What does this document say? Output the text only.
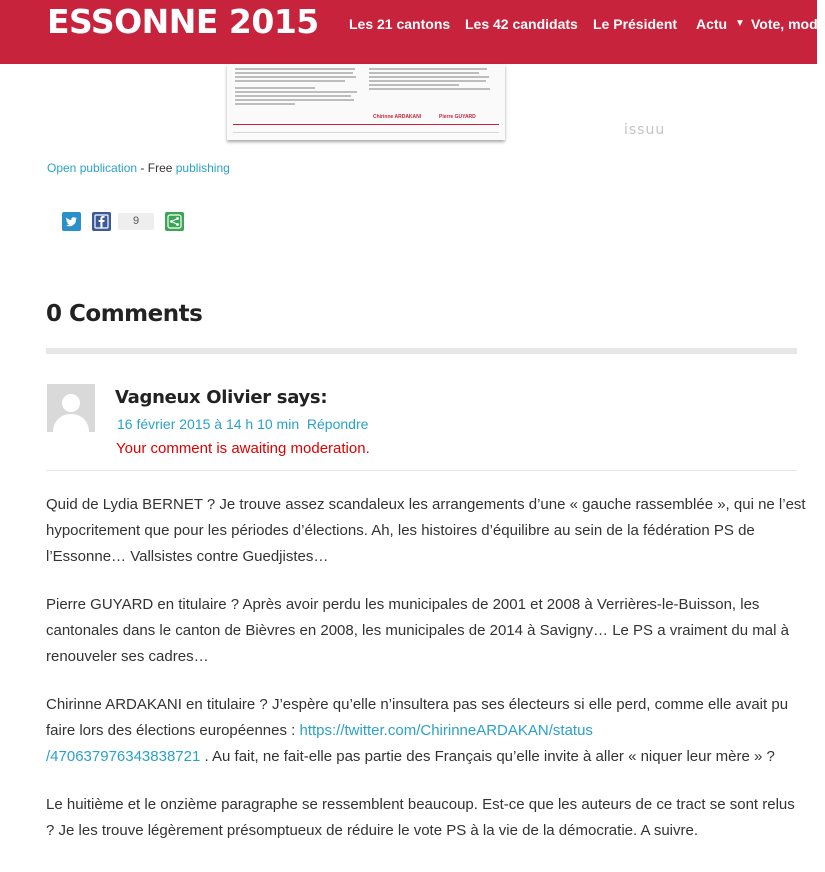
ESSONNE 2015 Les 21 cantons Les 42 candidats Le Président Actu ▼ Vote, mode
Chirinne ARDAKANI	Pierre GUYARD
issuu
Open publication - Free publishing
9
0 Comments
Vagneux Olivier says:
16 février 2015 à 14 h 10 min Répondre
Your comment is awaiting moderation.

Quid de Lydia BERNET ? Je trouve assez scandaleux les arrangements d’une « gauche rassemblée », qui ne l’est hypocritement que pour les périodes d’élections. Ah, les histoires d’équilibre au sein de la fédération PS de l’Essonne… Vallsistes contre Guedjistes…

Pierre GUYARD en titulaire ? Après avoir perdu les municipales de 2001 et 2008 à Verrières-le-Buisson, les cantonales dans le canton de Bièvres en 2008, les municipales de 2014 à Savigny… Le PS a vraiment du mal à renouveler ses cadres…

Chirinne ARDAKANI en titulaire ? J’espère qu’elle n’insultera pas ses électeurs si elle perd, comme elle avait pu faire lors des élections européennes : https://twitter.com/ChirinneARDAKAN/status
/470637976343838721 . Au fait, ne fait-elle pas partie des Français qu’elle invite à aller « niquer leur mère » ?

Le huitième et le onzième paragraphe se ressemblent beaucoup. Est-ce que les auteurs de ce tract se sont relus ? Je les trouve légèrement présomptueux de réduire le vote PS à la vie de la démocratie. A suivre.
